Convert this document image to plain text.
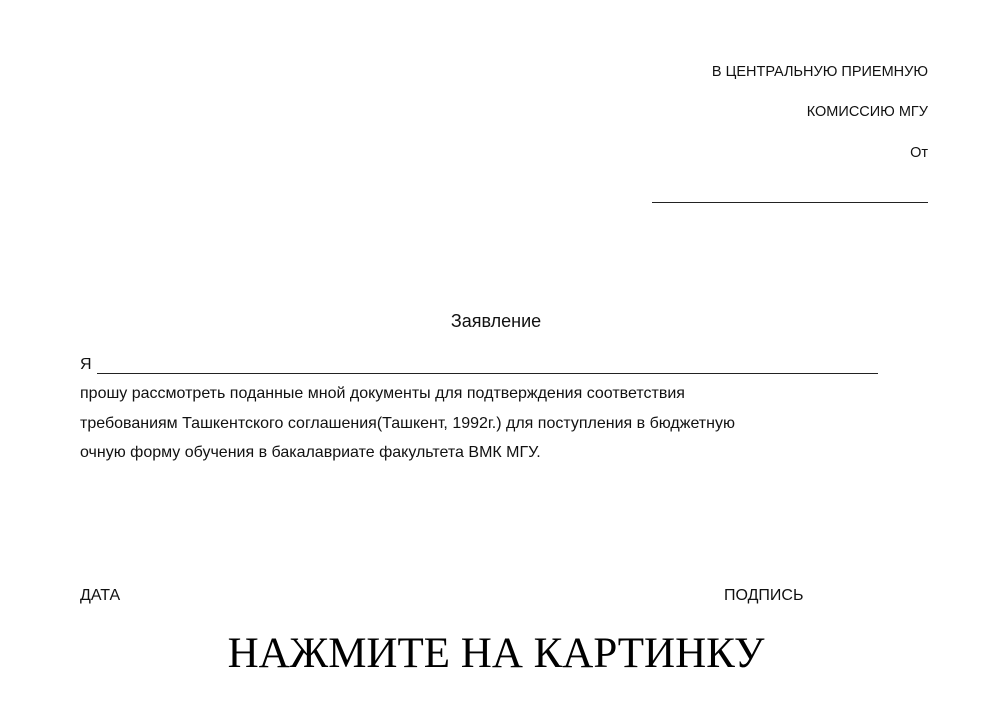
В ЦЕНТРАЛЬНУЮ ПРИЕМНУЮ
КОМИССИЮ МГУ
От
Заявление
Я
прошу рассмотреть поданные мной документы для подтверждения соответствия
требованиям Ташкентского соглашения(Ташкент, 1992г.) для поступления в бюджетную
очную форму обучения в бакалавриате факультета ВМК МГУ.
ДАТА	ПОДПИСЬ
НАЖМИТЕ НА КАРТИНКУ
